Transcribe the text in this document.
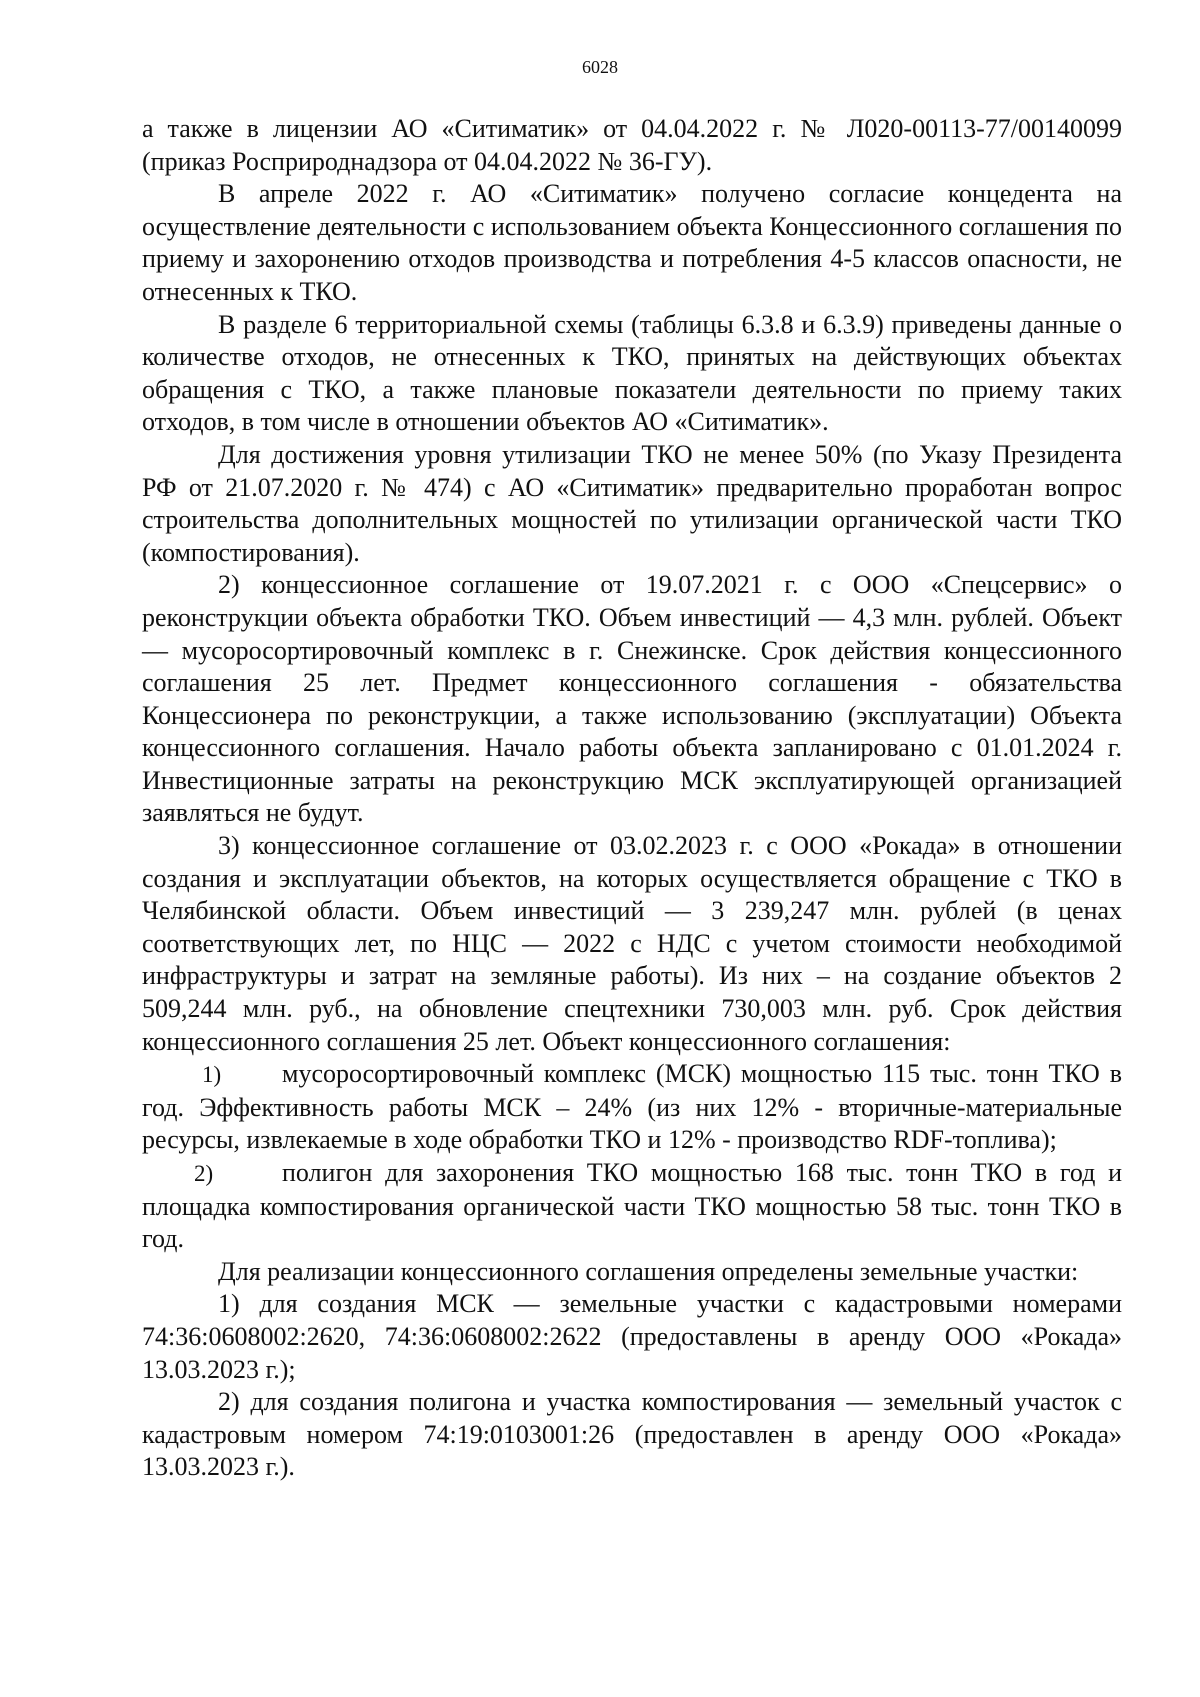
6028

а также в лицензии АО «Ситиматик» от 04.04.2022 г. № Л020-00113-77/00140099 (приказ Росприроднадзора от 04.04.2022 № 36-ГУ).

В апреле 2022 г. АО «Ситиматик» получено согласие концедента на осуществление деятельности с использованием объекта Концессионного соглашения по приему и захоронению отходов производства и потребления 4-5 классов опасности, не отнесенных к ТКО.

В разделе 6 территориальной схемы (таблицы 6.3.8 и 6.3.9) приведены данные о количестве отходов, не отнесенных к ТКО, принятых на действующих объектах обращения с ТКО, а также плановые показатели деятельности по приему таких отходов, в том числе в отношении объектов АО «Ситиматик».

Для достижения уровня утилизации ТКО не менее 50% (по Указу Президента РФ от 21.07.2020 г. № 474) с АО «Ситиматик» предварительно проработан вопрос строительства дополнительных мощностей по утилизации органической части ТКО (компостирования).

2) концессионное соглашение от 19.07.2021 г. с ООО «Спецсервис» о реконструкции объекта обработки ТКО. Объем инвестиций — 4,3 млн. рублей. Объект — мусоросортировочный комплекс в г. Снежинске. Срок действия концессионного соглашения 25 лет. Предмет концессионного соглашения - обязательства Концессионера по реконструкции, а также использованию (эксплуатации) Объекта концессионного соглашения. Начало работы объекта запланировано с 01.01.2024 г. Инвестиционные затраты на реконструкцию МСК эксплуатирующей организацией заявляться не будут.

3) концессионное соглашение от 03.02.2023 г. с ООО «Рокада» в отношении создания и эксплуатации объектов, на которых осуществляется обращение с ТКО в Челябинской области. Объем инвестиций — 3 239,247 млн. рублей (в ценах соответствующих лет, по НЦС — 2022 с НДС с учетом стоимости необходимой инфраструктуры и затрат на земляные работы). Из них – на создание объектов 2 509,244 млн. руб., на обновление спецтехники 730,003 млн. руб. Срок действия концессионного соглашения 25 лет. Объект концессионного соглашения:

1) мусоросортировочный комплекс (МСК) мощностью 115 тыс. тонн ТКО в год. Эффективность работы МСК – 24% (из них 12% - вторичные-материальные ресурсы, извлекаемые в ходе обработки ТКО и 12% - производство RDF-топлива);

2)	полигон для захоронения ТКО мощностью 168 тыс. тонн ТКО в год и площадка компостирования органической части ТКО мощностью 58 тыс. тонн ТКО в год.

Для реализации концессионного соглашения определены земельные участки:

1) для создания МСК — земельные участки с кадастровыми номерами 74:36:0608002:2620, 74:36:0608002:2622 (предоставлены в аренду ООО «Рокада» 13.03.2023 г.);

2) для создания полигона и участка компостирования — земельный участок с кадастровым номером 74:19:0103001:26 (предоставлен в аренду ООО «Рокада» 13.03.2023 г.).
